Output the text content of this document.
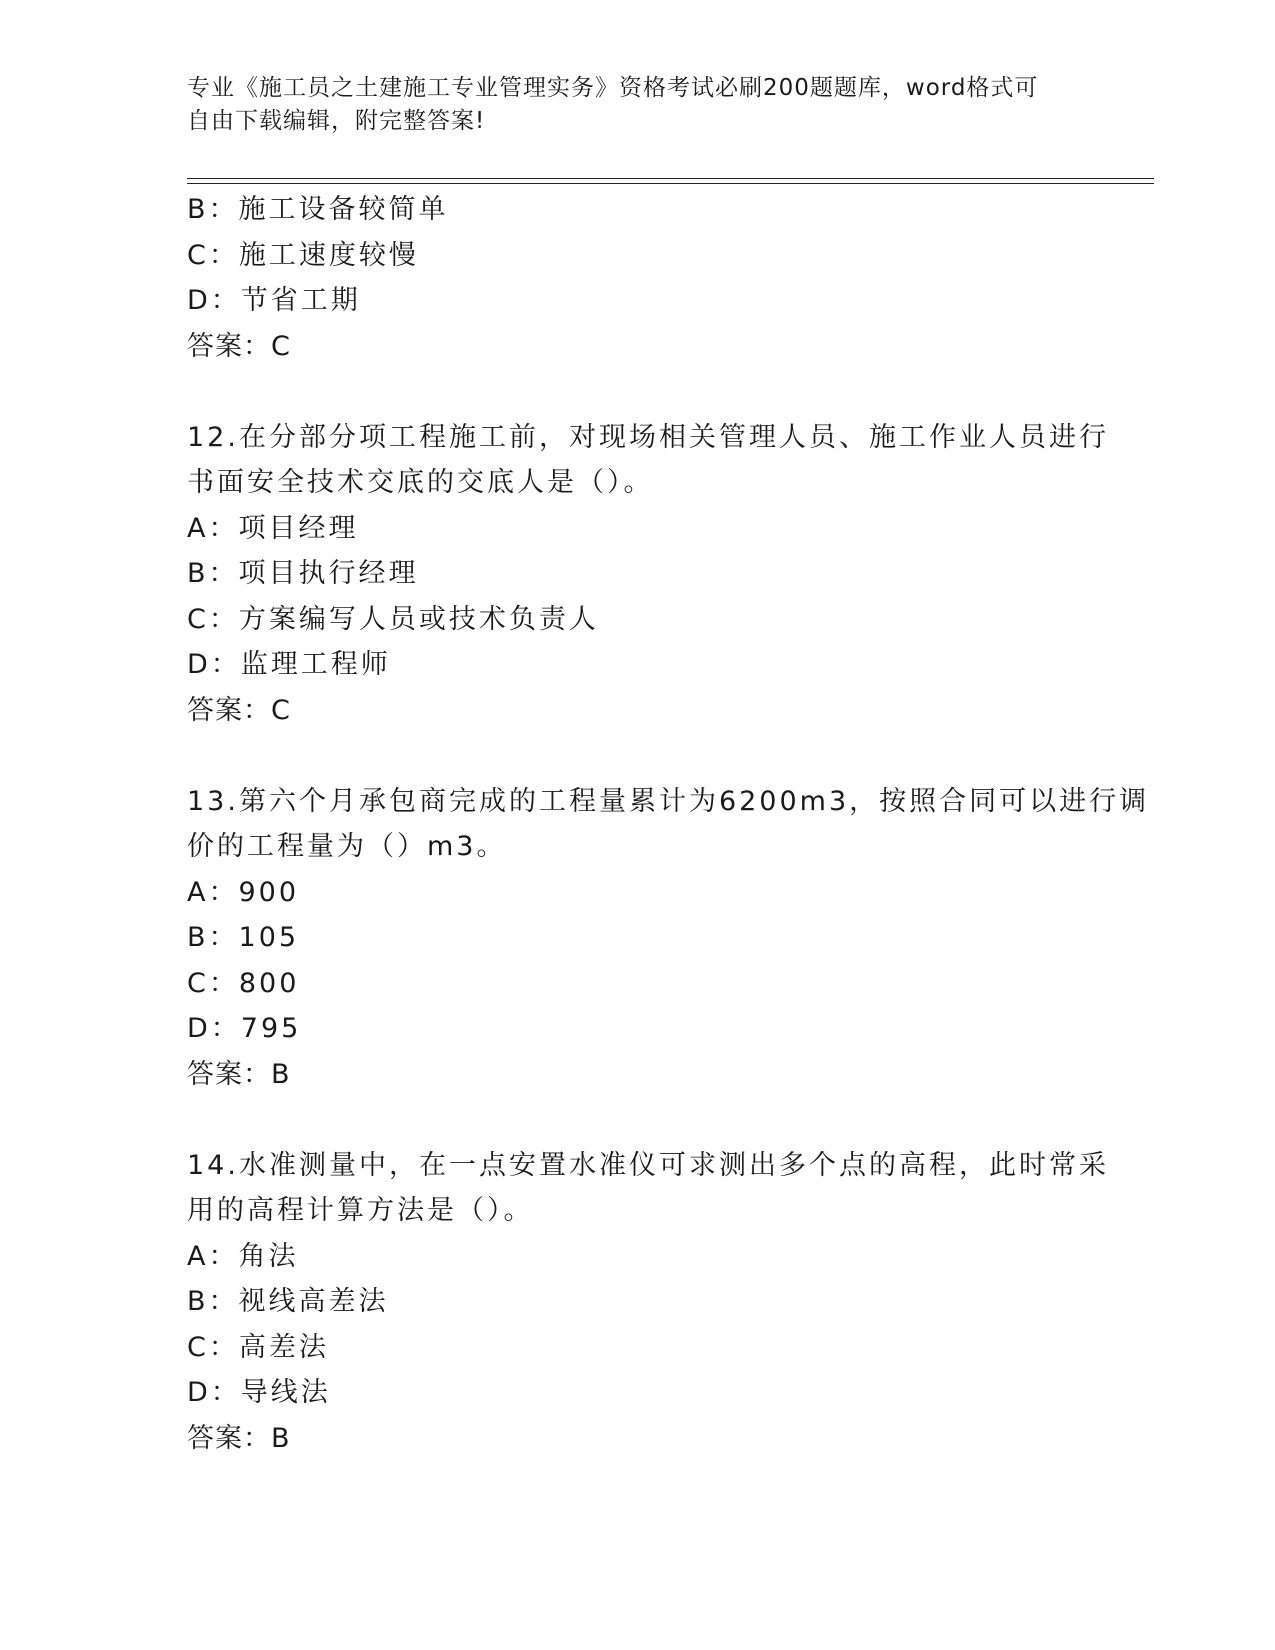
专业《施工员之土建施工专业管理实务》资格考试必刷200题题库，word格式可
自由下载编辑，附完整答案!
B：施工设备较简单
C：施工速度较慢
D：节省工期
答案：C
12.在分部分项工程施工前，对现场相关管理人员、施工作业人员进行
书面安全技术交底的交底人是（）。
A：项目经理
B：项目执行经理
C：方案编写人员或技术负责人
D：监理工程师
答案：C
13.第六个月承包商完成的工程量累计为6200m3，按照合同可以进行调
价的工程量为（）m3。
A：900
B：105
C：800
D：795
答案：B
14.水准测量中，在一点安置水准仪可求测出多个点的高程，此时常采
用的高程计算方法是（）。
A：角法
B：视线高差法
C：高差法
D：导线法
答案：B
